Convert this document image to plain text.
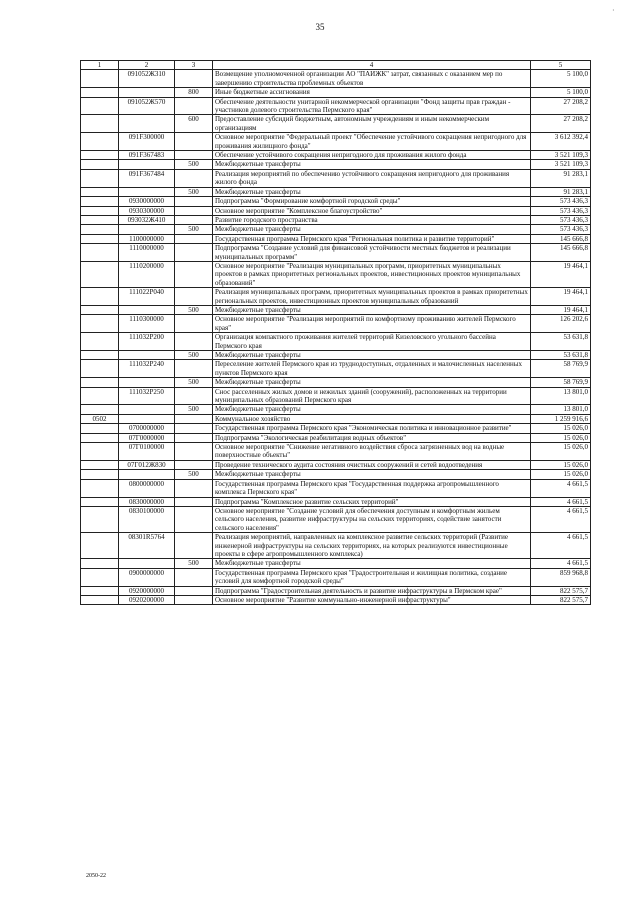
35
·
1	2	3	4	5
	091052Ж310		Возмещение уполномоченной организации АО "ПАИЖК" затрат, связанных с оказанием мер по завершению строительства проблемных объектов	5 100,0
		800	Иные бюджетные ассигнования	5 100,0
	091052Ж570		Обеспечение деятельности унитарной некоммерческой организации "Фонд защиты прав граждан - участников долевого строительства Пермского края"	27 208,2
		600	Предоставление субсидий бюджетным, автономным учреждениям и иным некоммерческим организациям	27 208,2
	091F300000		Основное мероприятие "Федеральный проект "Обеспечение устойчивого сокращения непригодного для проживания жилищного фонда"	3 612 392,4
	091F367483		Обеспечение устойчивого сокращения непригодного для проживания жилого фонда	3 521 109,3
		500	Межбюджетные трансферты	3 521 109,3
	091F367484		Реализация мероприятий по обеспечению устойчивого сокращения непригодного для проживания жилого фонда	91 283,1
		500	Межбюджетные трансферты	91 283,1
	0930000000		Подпрограмма "Формирование комфортной городской среды"	573 436,3
	0930300000		Основное мероприятие "Комплексное благоустройство"	573 436,3
	093032Ж410		Развитие городского пространства	573 436,3
		500	Межбюджетные трансферты	573 436,3
	1100000000		Государственная программа Пермского края "Региональная политика и развитие территорий"	145 666,8
	1110000000		Подпрограмма "Создание условий для финансовой устойчивости местных бюджетов и реализации муниципальных программ"	145 666,8
	1110200000		Основное мероприятие "Реализация муниципальных программ, приоритетных муниципальных проектов в рамках приоритетных региональных проектов, инвестиционных проектов муниципальных образований"	19 464,1
	111022Р040		Реализация муниципальных программ, приоритетных муниципальных проектов в рамках приоритетных региональных проектов, инвестиционных проектов муниципальных образований	19 464,1
		500	Межбюджетные трансферты	19 464,1
	1110300000		Основное мероприятие "Реализация мероприятий по комфортному проживанию жителей Пермского края"	126 202,6
	111032Р200		Организация компактного проживания жителей территорий Кизеловского угольного бассейна Пермского края	53 631,8
		500	Межбюджетные трансферты	53 631,8
	111032Р240		Переселение жителей Пермского края из труднодоступных, отдаленных и малочисленных населенных пунктов Пермского края	58 769,9
		500	Межбюджетные трансферты	58 769,9
	111032Р250		Снос расселенных жилых домов и нежилых зданий (сооружений), расположенных на территории муниципальных образований Пермского края	13 801,0
		500	Межбюджетные трансферты	13 801,0
0502			Коммунальное хозяйство	1 259 916,6
	0700000000		Государственная программа Пермского края "Экономическая политика и инновационное развитие"	15 026,0
	07Г0000000		Подпрограмма "Экологическая реабилитация водных объектов"	15 026,0
	07Г0100000		Основное мероприятие "Снижение негативного воздействия сброса загрязненных вод на водные поверхностные объекты"	15 026,0
	07Г012Ж830		Проведение технического аудита состояния очистных сооружений и сетей водоотведения	15 026,0
		500	Межбюджетные трансферты	15 026,0
	0800000000		Государственная программа Пермского края "Государственная поддержка агропромышленного комплекса Пермского края"	4 661,5
	0830000000		Подпрограмма "Комплексное развитие сельских территорий"	4 661,5
	0830100000		Основное мероприятие "Создание условий для обеспечения доступным и комфортным жильем сельского населения, развитие инфраструктуры на сельских территориях, содействие занятости сельского населения"	4 661,5
	08301R5764		Реализация мероприятий, направленных на комплексное развитие сельских территорий (Развитие инженерной инфраструктуры на сельских территориях, на которых реализуются инвестиционные проекты в сфере агропромышленного комплекса)	4 661,5
		500	Межбюджетные трансферты	4 661,5
	0900000000		Государственная программа Пермского края "Градостроительная и жилищная политика, создание условий для комфортной городской среды"	859 968,8
	0920000000		Подпрограмма "Градостроительная деятельность и развитие инфраструктуры в Пермском крае"	822 575,7
	0920200000		Основное мероприятие "Развитие коммунально-инженерной инфраструктуры"	822 575,7
2050-22
